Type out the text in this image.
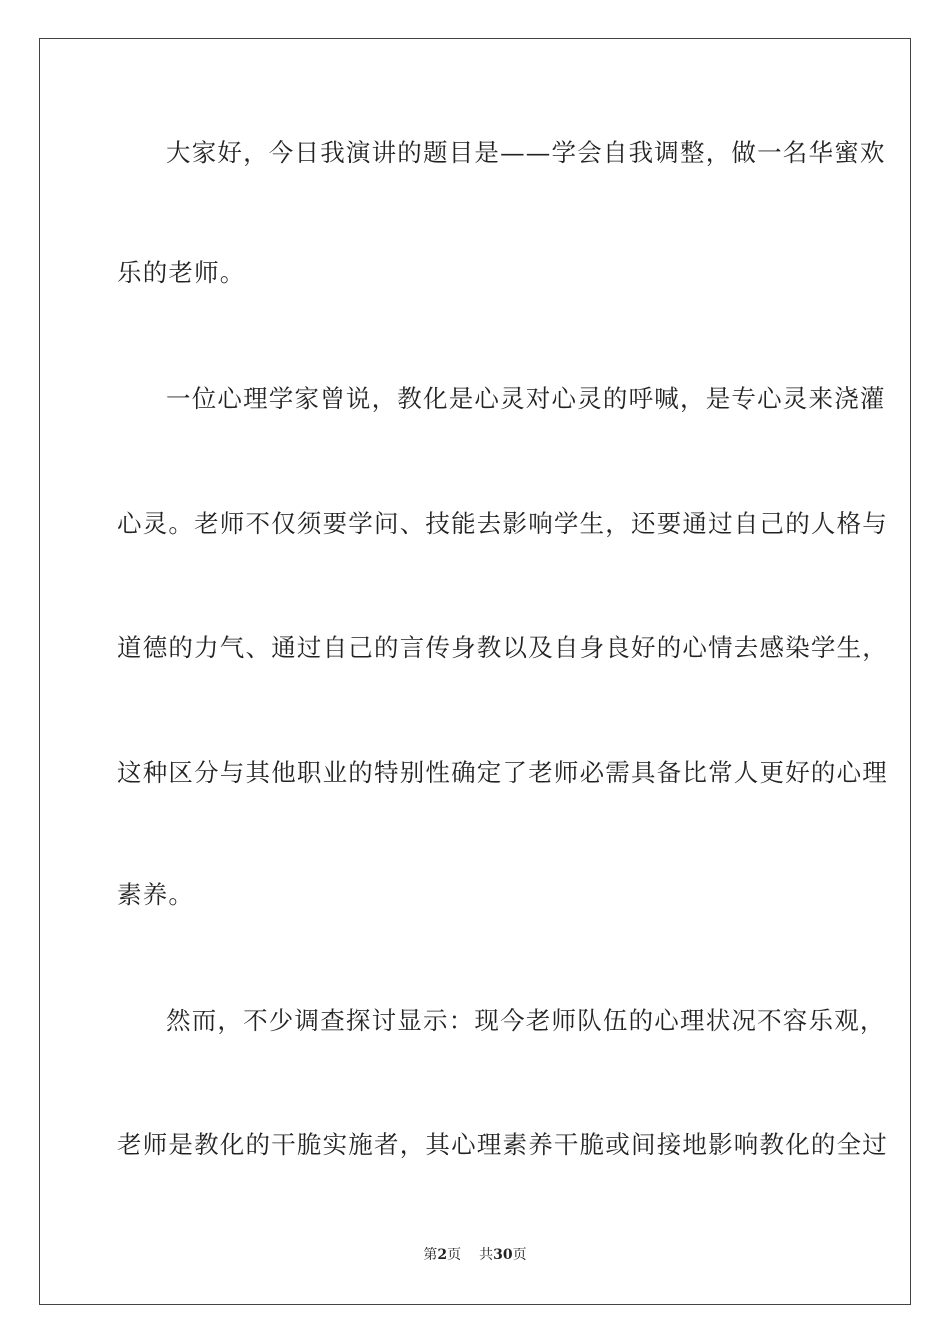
大家好，今日我演讲的题目是——学会自我调整，做一名华蜜欢
乐的老师。
一位心理学家曾说，教化是心灵对心灵的呼喊，是专心灵来浇灌
心灵。老师不仅须要学问、技能去影响学生，还要通过自己的人格与
道德的力气、通过自己的言传身教以及自身良好的心情去感染学生，
这种区分与其他职业的特别性确定了老师必需具备比常人更好的心理
素养。
然而，不少调查探讨显示：现今老师队伍的心理状况不容乐观，
老师是教化的干脆实施者，其心理素养干脆或间接地影响教化的全过
第2页 共30页
